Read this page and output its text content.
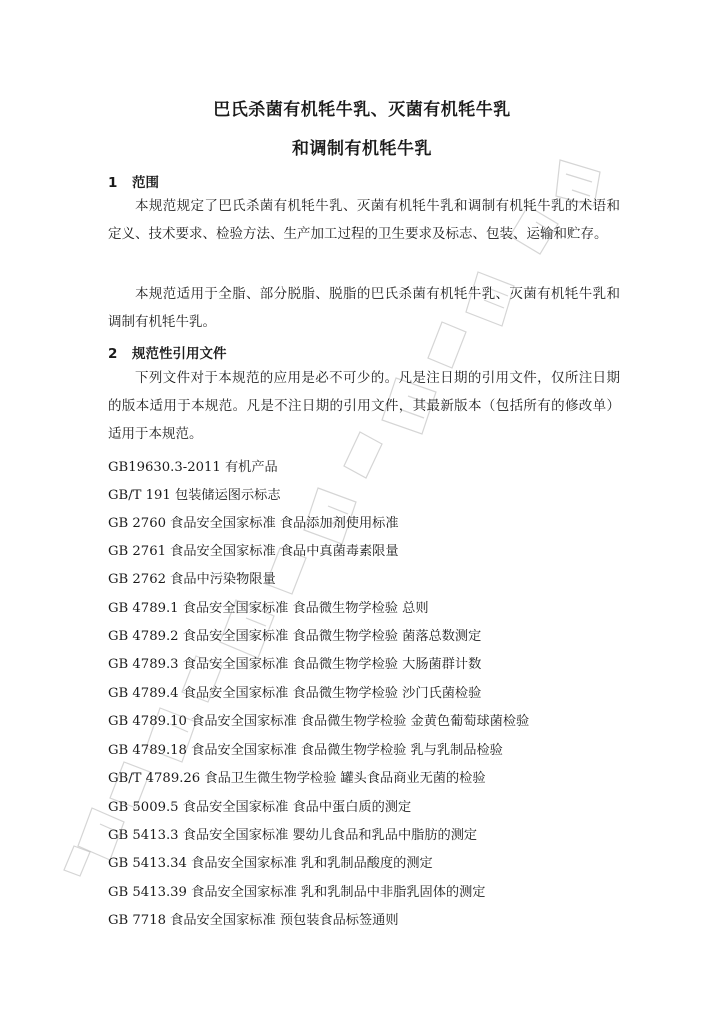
巴氏杀菌有机牦牛乳、灭菌有机牦牛乳
和调制有机牦牛乳
1 范围

本规范规定了巴氏杀菌有机牦牛乳、灭菌有机牦牛乳和调制有机牦牛乳的术语和定义、技术要求、检验方法、生产加工过程的卫生要求及标志、包装、运输和贮存。

本规范适用于全脂、部分脱脂、脱脂的巴氏杀菌有机牦牛乳、灭菌有机牦牛乳和调制有机牦牛乳。

2 规范性引用文件

下列文件对于本规范的应用是必不可少的。凡是注日期的引用文件，仅所注日期的版本适用于本规范。凡是不注日期的引用文件，其最新版本（包括所有的修改单）适用于本规范。

GB19630.3-2011 有机产品
GB/T 191 包装储运图示标志
GB 2760 食品安全国家标准 食品添加剂使用标准
GB 2761 食品安全国家标准 食品中真菌毒素限量
GB 2762 食品中污染物限量
GB 4789.1 食品安全国家标准 食品微生物学检验 总则
GB 4789.2 食品安全国家标准 食品微生物学检验 菌落总数测定
GB 4789.3 食品安全国家标准 食品微生物学检验 大肠菌群计数
GB 4789.4 食品安全国家标准 食品微生物学检验 沙门氏菌检验
GB 4789.10 食品安全国家标准 食品微生物学检验 金黄色葡萄球菌检验
GB 4789.18 食品安全国家标准 食品微生物学检验 乳与乳制品检验
GB/T 4789.26 食品卫生微生物学检验 罐头食品商业无菌的检验
GB 5009.5 食品安全国家标准 食品中蛋白质的测定
GB 5413.3 食品安全国家标准 婴幼儿食品和乳品中脂肪的测定
GB 5413.34 食品安全国家标准 乳和乳制品酸度的测定
GB 5413.39 食品安全国家标准 乳和乳制品中非脂乳固体的测定
GB 7718 食品安全国家标准 预包装食品标签通则
